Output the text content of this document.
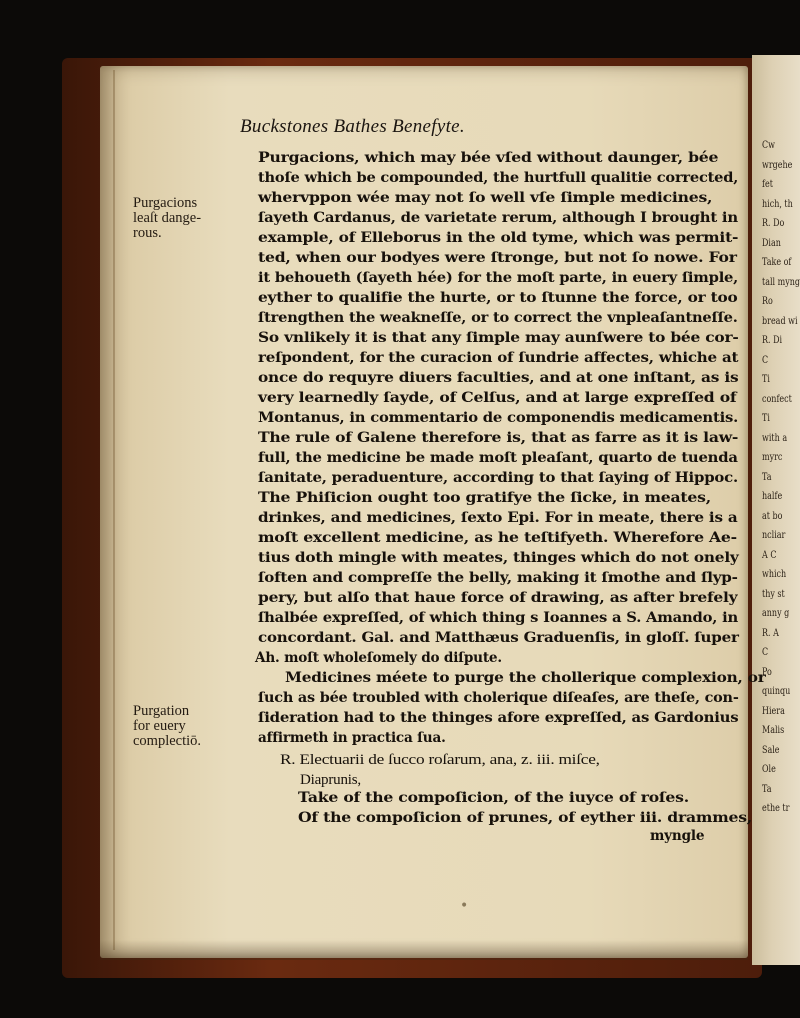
Cw
wrgehe
fet
hich, th
R. Do
Dian
Take of
tall myng
Ro
bread wi
R. Di
C
Ti
confect
Ti
with a
myrc
Ta
halfe
at bo
ncliar
A C
which
thy st
anny g
R. A
C
Po
quinqu
Hiera
Malis
Sale
Ole
Ta
ethe tr
Buckstones Bathes Benefyte.
Purgacions
leaſt dange-
rous.
Purgation
for euery
complectiō.
Purgacions, which may bée vſed without daunger, bée
thoſe which be compounded, the hurtfull qualitie corrected,
whervppon wée may not ſo well vſe ſimple medicines,
ſayeth Cardanus, de varietate rerum, although I brought in
example, of Elleborus in the old tyme, which was permit-
ted, when our bodyes were ſtronge, but not ſo nowe. For
it behoueth (ſayeth hée) for the moſt parte, in euery ſimple,
eyther to qualifie the hurte, or to ſtunne the force, or too
ſtrengthen the weakneſſe, or to correct the vnpleaſantneſſe.
So vnlikely it is that any ſimple may aunſwere to bée cor-
reſpondent, for the curacion of ſundrie affectes, whiche at
once do requyre diuers faculties, and at one inſtant, as is
very learnedly ſayde, of Celſus, and at large expreſſed of
Montanus, in commentario de componendis medicamentis.
The rule of Galene therefore is, that as farre as it is law-
full, the medicine be made moſt pleaſant, quarto de tuenda
ſanitate, peraduenture, according to that ſaying of Hippoc.
The Phiſicion ought too gratifye the ſicke, in meates,
drinkes, and medicines, ſexto Epi. For in meate, there is a
moſt excellent medicine, as he teſtifyeth. Wherefore Ae-
tius doth mingle with meates, thinges which do not onely
ſoften and compreſſe the belly, making it ſmothe and ſlyp-
pery, but alſo that haue force of drawing, as after brefely
ſhalbée expreſſed, of which thing s Ioannes a S. Amando, in
concordant. Gal. and Matthæus Graduenſis, in gloſſ. ſuper
Ah. moſt wholeſomely do diſpute.
Medicines méete to purge the chollerique complexion, or
ſuch as bée troubled with cholerique diſeaſes, are theſe, con-
ſideration had to the thinges afore expreſſed, as Gardonius
affirmeth in practica ſua.
R. Electuarii de ſucco roſarum, ana, z. iii. miſce,
Diaprunis,
Take of the compoſicion, of the iuyce of roſes.
Of the compoſicion of prunes, of eyther iii. drammes,
myngle
•
